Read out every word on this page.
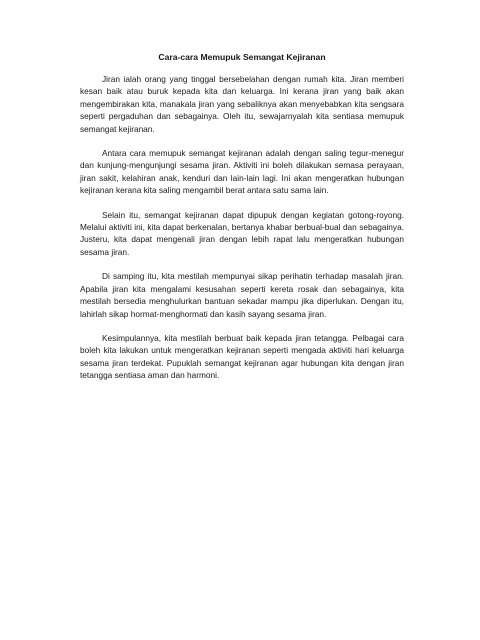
Cara-cara Memupuk Semangat Kejiranan

Jiran ialah orang yang tinggal bersebelahan dengan rumah kita. Jiran memberi kesan baik atau buruk kepada kita dan keluarga. Ini kerana jiran yang baik akan mengembirakan kita, manakala jiran yang sebaliknya akan menyebabkan kita sengsara seperti pergaduhan dan sebagainya. Oleh itu, sewajarnyalah kita sentiasa memupuk semangat kejiranan.

Antara cara memupuk semangat kejiranan adalah dengan saling tegur-menegur dan kunjung-mengunjungi sesama jiran. Aktiviti ini boleh dilakukan semasa perayaan, jiran sakit, kelahiran anak, kenduri dan lain-lain lagi. Ini akan mengeratkan hubungan kejiranan kerana kita saling mengambil berat antara satu sama lain.

Selain itu, semangat kejiranan dapat dipupuk dengan kegiatan gotong-royong. Melalui aktiviti ini, kita dapat berkenalan, bertanya khabar berbual-bual dan sebagainya. Justeru, kita dapat mengenali jiran dengan lebih rapat lalu mengeratkan hubungan sesama jiran.

Di samping itu, kita mestilah mempunyai sikap perihatin terhadap masalah jiran. Apabila jiran kita mengalami kesusahan seperti kereta rosak dan sebagainya, kita mestilah bersedia menghulurkan bantuan sekadar mampu jika diperlukan. Dengan itu, lahirlah sikap hormat-menghormati dan kasih sayang sesama jiran.

Kesimpulannya, kita mestilah berbuat baik kepada jiran tetangga. Pelbagai cara boleh kita lakukan untuk mengeratkan kejiranan seperti mengada aktiviti hari keluarga sesama jiran terdekat. Pupuklah semangat kejiranan agar hubungan kita dengan jiran tetangga sentiasa aman dan harmoni.
